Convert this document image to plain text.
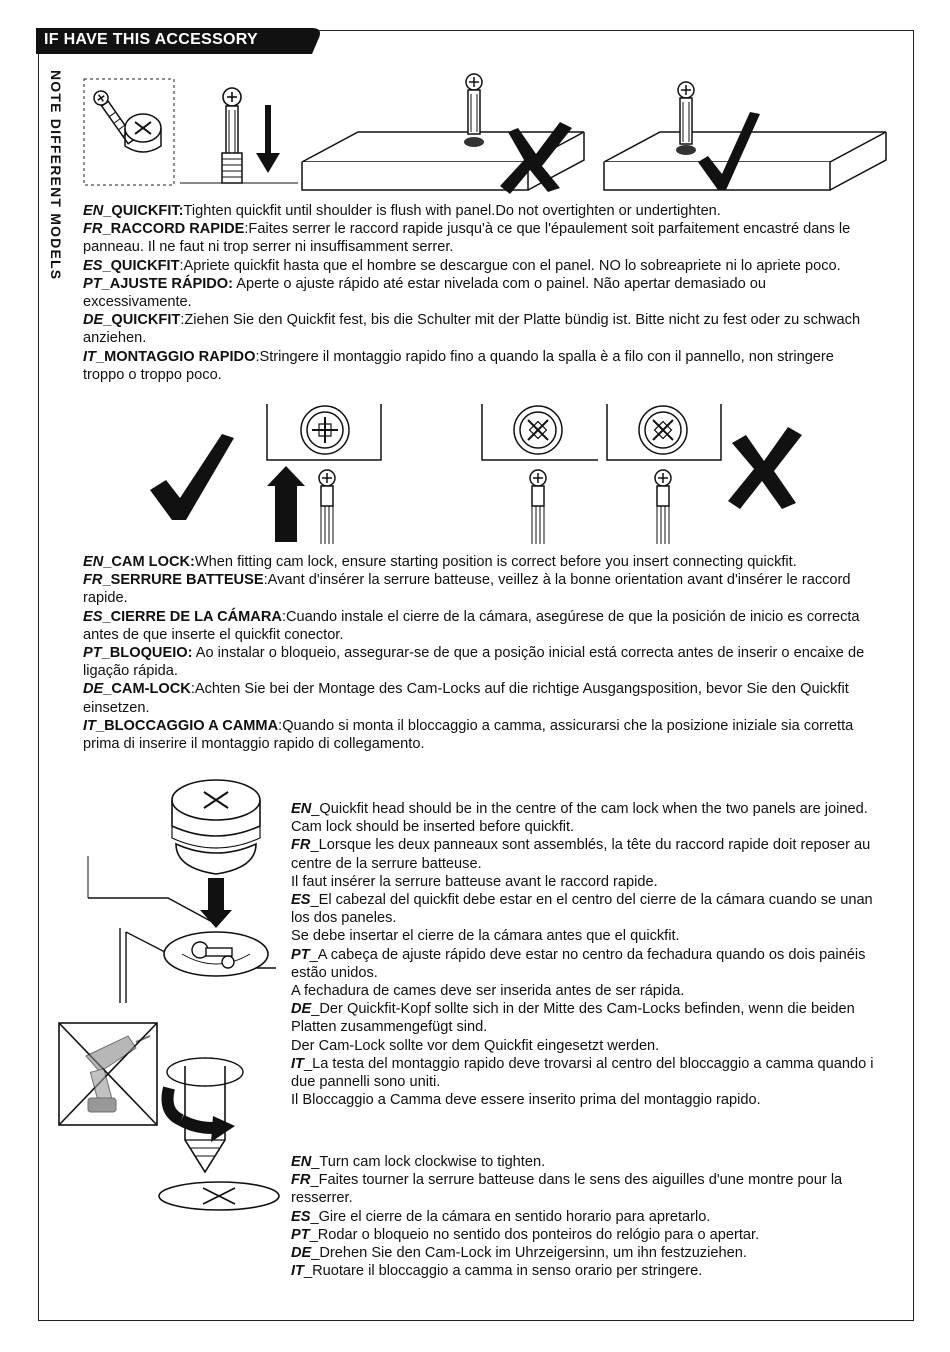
IF HAVE THIS ACCESSORY
NOTE DIFFERENT MODELS EN_QUICKFIT:Tighten quickfit until shoulder is flush with panel.Do not overtighten or undertighten.

FR_RACCORD RAPIDE:Faites serrer le raccord rapide jusqu'à ce que l'épaulement soit parfaitement encastré dans le panneau. Il ne faut ni trop serrer ni insuffisamment serrer.

ES_QUICKFIT:Apriete quickfit hasta que el hombre se descargue con el panel. NO lo sobreapriete ni lo apriete poco.

PT_AJUSTE RÁPIDO: Aperte o ajuste rápido até estar nivelada com o painel. Não apertar demasiado ou excessivamente.

DE_QUICKFIT:Ziehen Sie den Quickfit fest, bis die Schulter mit der Platte bündig ist. Bitte nicht zu fest oder zu schwach anziehen.

IT_MONTAGGIO RAPIDO:Stringere il montaggio rapido fino a quando la spalla è a filo con il pannello, non stringere troppo o troppo poco.

EN_CAM LOCK:When fitting cam lock, ensure starting position is correct before you insert connecting quickfit.

FR_SERRURE BATTEUSE:Avant d'insérer la serrure batteuse, veillez à la bonne orientation avant d'insérer le raccord rapide.

ES_CIERRE DE LA CÁMARA:Cuando instale el cierre de la cámara, asegúrese de que la posición de inicio es correcta antes de que inserte el quickfit conector.

PT_BLOQUEIO: Ao instalar o bloqueio, assegurar-se de que a posição inicial está correcta antes de inserir o encaixe de ligação rápida.

DE_CAM-LOCK:Achten Sie bei der Montage des Cam-Locks auf die richtige Ausgangsposition, bevor Sie den Quickfit einsetzen.

IT_BLOCCAGGIO A CAMMA:Quando si monta il bloccaggio a camma, assicurarsi che la posizione iniziale sia corretta prima di inserire il montaggio rapido di collegamento.

EN_Quickfit head should be in the centre of the cam lock when the two panels are joined.

Cam lock should be inserted before quickfit.

FR_Lorsque les deux panneaux sont assemblés, la tête du raccord rapide doit reposer au centre de la serrure batteuse.

Il faut insérer la serrure batteuse avant le raccord rapide.

ES_El cabezal del quickfit debe estar en el centro del cierre de la cámara cuando se unan los dos paneles.

Se debe insertar el cierre de la cámara antes que el quickfit.

PT_A cabeça de ajuste rápido deve estar no centro da fechadura quando os dois painéis estão unidos.

A fechadura de cames deve ser inserida antes de ser rápida.

DE_Der Quickfit-Kopf sollte sich in der Mitte des Cam-Locks befinden, wenn die beiden Platten zusammengefügt sind.

Der Cam-Lock sollte vor dem Quickfit eingesetzt werden.

IT_La testa del montaggio rapido deve trovarsi al centro del bloccaggio a camma quando i due pannelli sono uniti.

Il Bloccaggio a Camma deve essere inserito prima del montaggio rapido.

EN_Turn cam lock clockwise to tighten.

FR_Faites tourner la serrure batteuse dans le sens des aiguilles d'une montre pour la resserrer.

ES_Gire el cierre de la cámara en sentido horario para apretarlo.

PT_Rodar o bloqueio no sentido dos ponteiros do relógio para o apertar.

DE_Drehen Sie den Cam-Lock im Uhrzeigersinn, um ihn festzuziehen.

IT_Ruotare il bloccaggio a camma in senso orario per stringere.
